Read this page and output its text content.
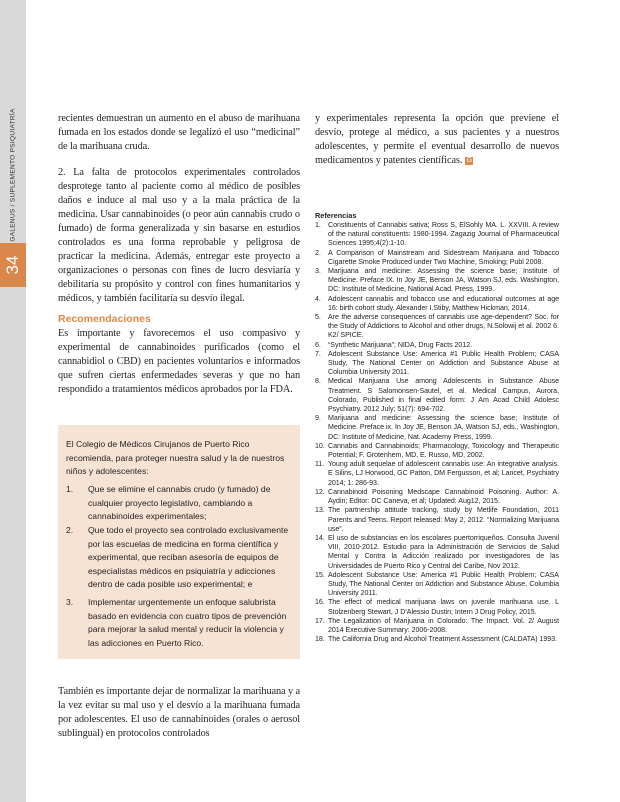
GALENUS / SUPLEMENTO PSIQUIATRÍA
34

recientes demuestran un aumento en el abuso de marihuana fumada en los estados donde se legalizó el uso “medicinal” de la marihuana cruda.

2. La falta de protocolos experimentales controlados desprotege tanto al paciente como al médico de posibles daños e induce al mal uso y a la mala práctica de la medicina. Usar cannabinoides (o peor aún cannabis crudo o fumado) de forma generalizada y sin basarse en estudios controlados es una forma reprobable y peligrosa de practicar la medicina. Además, entregar este proyecto a organizaciones o personas con fines de lucro desviaría y debilitaría su propósito y control con fines humanitarios y médicos, y también facilitaría su desvío ilegal.

Recomendaciones

Es importante y favorecemos el uso compasivo y experimental de cannabinoides purificados (como el cannabidiol o CBD) en pacientes voluntarios e informados que sufren ciertas enfermedades severas y que no han respondido a tratamientos médicos aprobados por la FDA.

El Colegio de Médicos Cirujanos de Puerto Rico recomienda, para proteger nuestra salud y la de nuestros niños y adolescentes:
1. Que se elimine el cannabis crudo (y fumado) de cualquier proyecto legislativo, cambiando a cannabinoides experimentales;
2. Que todo el proyecto sea controlado exclusivamente por las escuelas de medicina en forma científica y experimental, que reciban asesoría de equipos de especialistas médicos en psiquiatría y adicciones dentro de cada posible uso experimental; e
3. Implementar urgentemente un enfoque salubrista basado en evidencia con cuatro tipos de prevención para mejorar la salud mental y reducir la violencia y las adicciones en Puerto Rico.

También es importante dejar de normalizar la marihuana y a la vez evitar su mal uso y el desvío a la marihuana fumada por adolescentes. El uso de cannabinoides (orales o aerosol sublingual) en protocolos controlados

y experimentales representa la opción que previene el desvío, protege al médico, a sus pacientes y a nuestros adolescentes, y permite el eventual desarrollo de nuevos medicamentos y patentes científicas. G

Referencias
1. Constituents of Cannabis sativa; Ross S, ElSohly MA. L. XXVIII. A review of the natural constituents: 1980-1994. Zagazig Journal of Pharmaceutical Sciences 1995;4(2):1-10.
2. A Comparison of Mainstream and Sidestream Marijuana and Tobacco Cigarette Smoke Produced under Two Machine, Smoking; Publ 2008.
3. Marijuana and medicine: Assessing the science base; Institute of Medicine. Preface IX. In Joy JE, Benson JA, Watson SJ, eds. Washington, DC: Institute of Medicine, National Acad. Press, 1999.
4. Adolescent cannabis and tobacco use and educational outcomes at age 16: birth cohort study. Alexander I.Stiby, Matthew Hickman, 2014.
5. Are the adverse consequences of cannabis use age-dependent? Soc. for the Study of Addictions to Alcohol and other drugs, N.Solowij et al. 2002 6. K2/ SPICE.
6. “Synthetic Marijuana”; NIDA, Drug Facts 2012.
7. Adolescent Substance Use: America #1 Public Health Problem; CASA Study, The National Center on Addiction and Substance Abuse at Columbia University 2011.
8. Medical Marijuana Use among Adolescents in Substance Abuse Treatment. S Salomonsen-Sautel, et al. Medical Campus, Aurora, Colorado, Published in final edited form: J Am Acad Child Adolesc Psychiatry. 2012 July; 51(7): 694-702.
9. Marijuana and medicine: Assessing the science base; Institute of Medicine. Preface ix. In Joy JE, Benson JA, Watson SJ, eds., Washington, DC: Institute of Medicine, Nat. Academy Press, 1999.
10. Cannabis and Cannabinoids; Pharmacology, Toxicology and Therapeutic Potential; F. Grotenhem, MD, E. Russo, MD, 2002.
11. Young adult sequelae of adolescent cannabis use: An integrative analysis. E Silins, LJ Horwood, GC Patton, DM Fergusson, et al; Lancet, Psychiatry 2014; 1: 286-93.
12. Cannabinoid Poisoning Medscape Cannabinoid Poisoning. Author: A. Aydin; Editor: DC Caneva, et al; Updated: Aug12, 2015.
13. The partnership attitude tracking, study by Metlife Foundation, 2011 Parents and Teens. Report released: May 2, 2012. “Normalizing Marijuana use”.
14. El uso de substancias en los escolares puertorriqueños. Consulta Juvenil VIII, 2010-2012. Estudio para la Administración de Servicios de Salud Mental y Contra la Adicción realizado por investigadores de las Universidades de Puerto Rico y Central del Caribe, Nov 2012.
15. Adolescent Substance Use: America #1 Public Health Problem; CASA Study, The National Center on Addiction and Substance Abuse, Columbia University 2011.
16. The effect of medical marijuana laws on juvenile marihuana use. L Stolzenberg Stewart, J D’Alessio Dustin; Intern J Drug Policy, 2015.
17. The Legalization of Marijuana in Colorado: The Impact. Vol. 2/ August 2014 Executive Summary: 2006-2008.
18. The California Drug and Alcohol Treatment Assessment (CALDATA) 1993.
